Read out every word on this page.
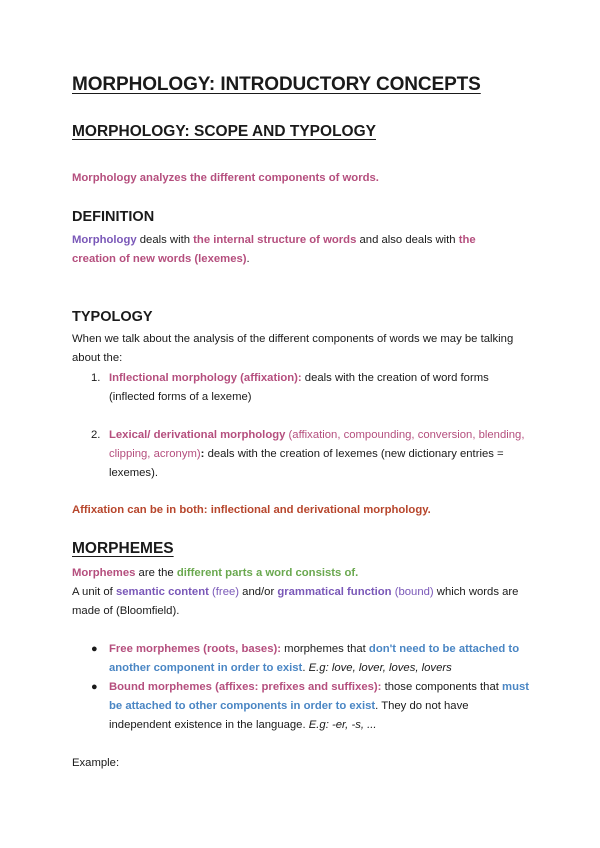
MORPHOLOGY: INTRODUCTORY CONCEPTS
MORPHOLOGY: SCOPE AND TYPOLOGY
Morphology analyzes the different components of words.
DEFINITION
Morphology deals with the internal structure of words and also deals with the creation of new words (lexemes).
TYPOLOGY
When we talk about the analysis of the different components of words we may be talking about the:
1. Inflectional morphology (affixation): deals with the creation of word forms (inflected forms of a lexeme)
2. Lexical/ derivational morphology (affixation, compounding, conversion, blending, clipping, acronym): deals with the creation of lexemes (new dictionary entries = lexemes).
Affixation can be in both: inflectional and derivational morphology.
MORPHEMES
Morphemes are the different parts a word consists of.
A unit of semantic content (free) and/or grammatical function (bound) which words are made of (Bloomfield).
● Free morphemes (roots, bases): morphemes that don't need to be attached to another component in order to exist. E.g: love, lover, loves, lovers
● Bound morphemes (affixes: prefixes and suffixes): those components that must be attached to other components in order to exist. They do not have independent existence in the language. E.g: -er, -s, ...
Example:
